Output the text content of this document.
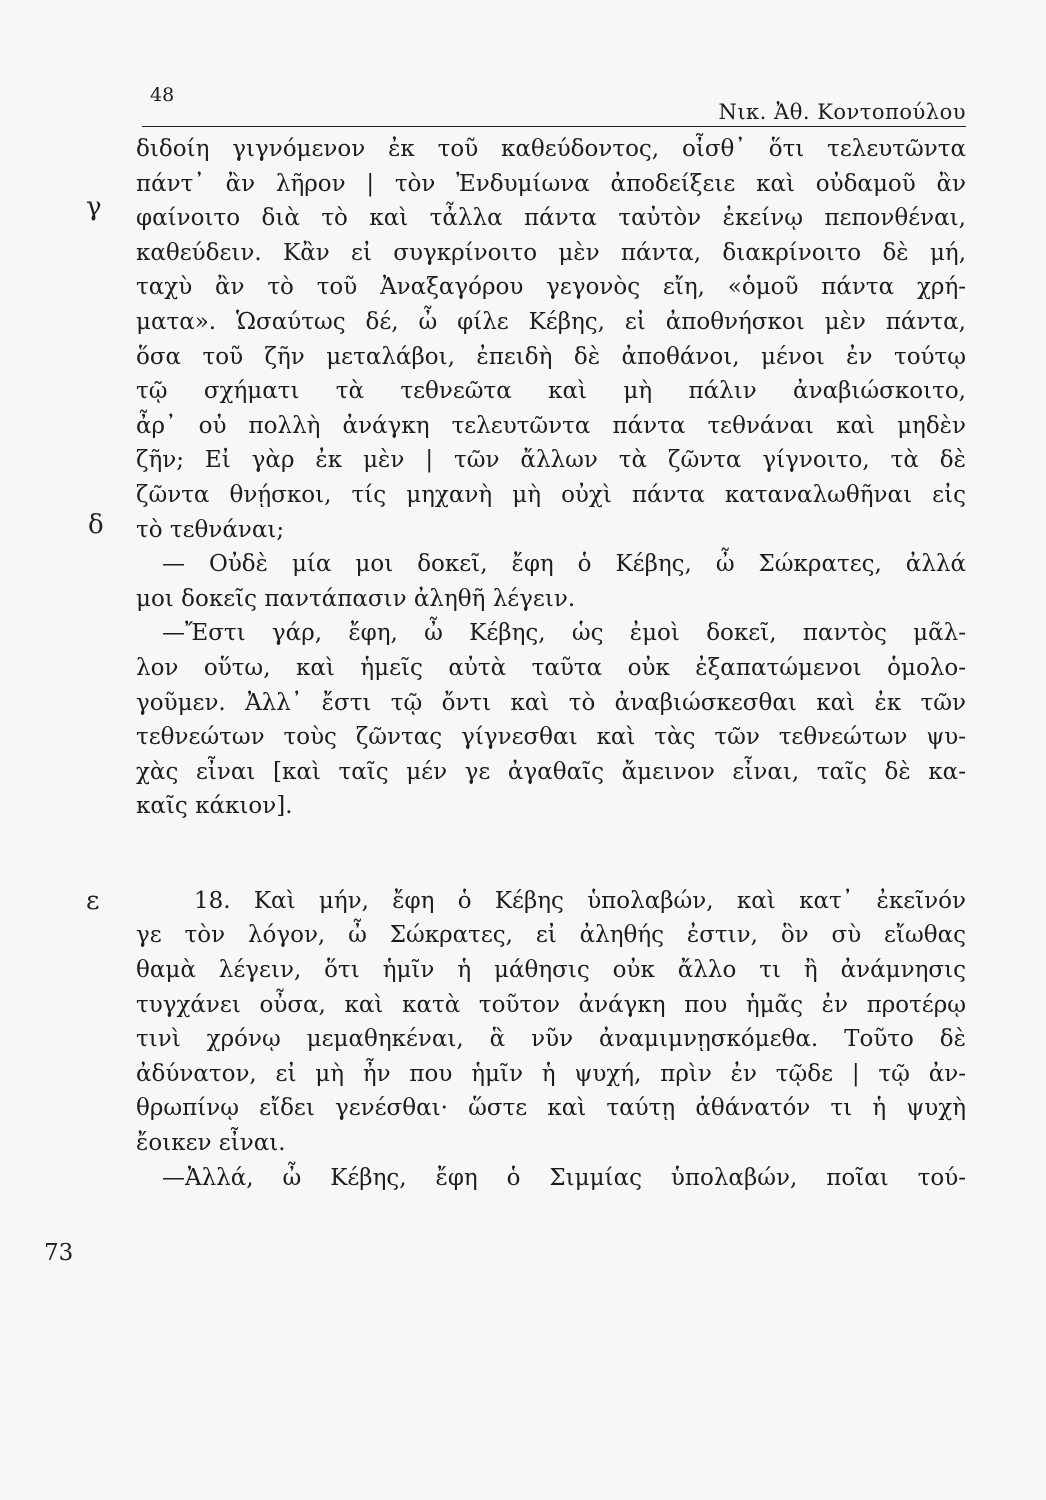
48
Νικ. Ἀθ. Κοντοπούλου
γ
δ
ε
73
διδοίη γιγνόμενον ἐκ τοῦ καθεύδοντος, οἶσθ᾽ ὅτι τελευτῶντα
πάντ᾽ ἂν λῆρον | τὸν Ἐνδυμίωνα ἀποδείξειε καὶ οὐδαμοῦ ἂν
φαίνοιτο διὰ τὸ καὶ τἆλλα πάντα ταὐτὸν ἐκείνῳ πεπονθέναι,
καθεύδειν. Κἂν εἰ συγκρίνοιτο μὲν πάντα, διακρίνοιτο δὲ μή,
ταχὺ ἂν τὸ τοῦ Ἀναξαγόρου γεγονὸς εἴη, «ὁμοῦ πάντα χρή-
ματα». Ὡσαύτως δέ, ὦ φίλε Κέβης, εἰ ἀποθνήσκοι μὲν πάντα,
ὅσα τοῦ ζῆν μεταλάβοι, ἐπειδὴ δὲ ἀποθάνοι, μένοι ἐν τούτῳ
τῷ σχήματι τὰ τεθνεῶτα καὶ μὴ πάλιν ἀναβιώσκοιτο,
ἆρ᾽ οὐ πολλὴ ἀνάγκη τελευτῶντα πάντα τεθνάναι καὶ μηδὲν
ζῆν; Εἰ γὰρ ἐκ μὲν | τῶν ἄλλων τὰ ζῶντα γίγνοιτο, τὰ δὲ
ζῶντα θνῄσκοι, τίς μηχανὴ μὴ οὐχὶ πάντα καταναλωθῆναι εἰς
τὸ τεθνάναι;
— Οὐδὲ μία μοι δοκεῖ, ἔφη ὁ Κέβης, ὦ Σώκρατες, ἀλλά
μοι δοκεῖς παντάπασιν ἀληθῆ λέγειν.
—Ἔστι γάρ, ἔφη, ὦ Κέβης, ὡς ἐμοὶ δοκεῖ, παντὸς μᾶλ-
λον οὕτω, καὶ ἡμεῖς αὐτὰ ταῦτα οὐκ ἐξαπατώμενοι ὁμολο-
γοῦμεν. Ἀλλ᾽ ἔστι τῷ ὄντι καὶ τὸ ἀναβιώσκεσθαι καὶ ἐκ τῶν
τεθνεώτων τοὺς ζῶντας γίγνεσθαι καὶ τὰς τῶν τεθνεώτων ψυ-
χὰς εἶναι [καὶ ταῖς μέν γε ἀγαθαῖς ἄμεινον εἶναι, ταῖς δὲ κα-
καῖς κάκιον].
18. Καὶ μήν, ἔφη ὁ Κέβης ὑπολαβών, καὶ κατ᾽ ἐκεῖνόν
γε τὸν λόγον, ὦ Σώκρατες, εἰ ἀληθής ἐστιν, ὃν σὺ εἴωθας
θαμὰ λέγειν, ὅτι ἡμῖν ἡ μάθησις οὐκ ἄλλο τι ἢ ἀνάμνησις
τυγχάνει οὖσα, καὶ κατὰ τοῦτον ἀνάγκη που ἡμᾶς ἐν προτέρῳ
τινὶ χρόνῳ μεμαθηκέναι, ἃ νῦν ἀναμιμνῃσκόμεθα. Τοῦτο δὲ
ἀδύνατον, εἰ μὴ ἦν που ἡμῖν ἡ ψυχή, πρὶν ἐν τῷδε | τῷ ἀν-
θρωπίνῳ εἴδει γενέσθαι· ὥστε καὶ ταύτῃ ἀθάνατόν τι ἡ ψυχὴ
ἔοικεν εἶναι.
—Ἀλλά, ὦ Κέβης, ἔφη ὁ Σιμμίας ὑπολαβών, ποῖαι τού-
